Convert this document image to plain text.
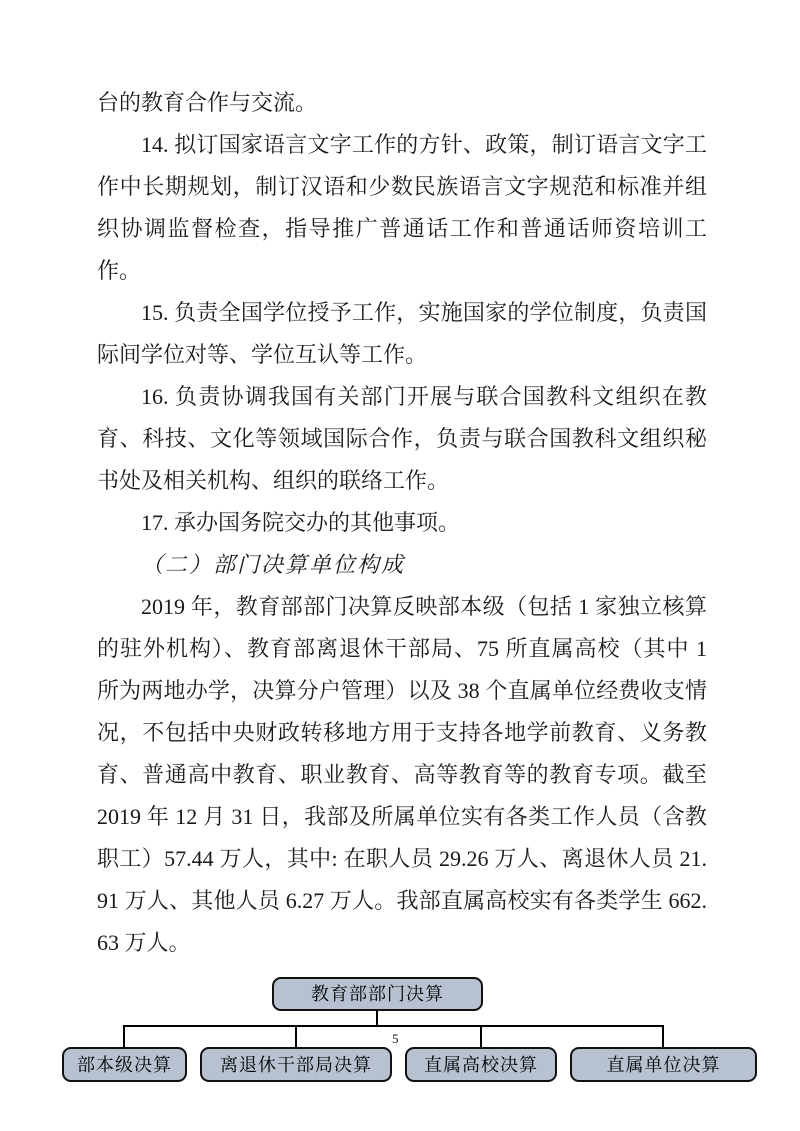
台的教育合作与交流。

14. 拟订国家语言文字工作的方针、政策，制订语言文字工作中长期规划，制订汉语和少数民族语言文字规范和标准并组织协调监督检查，指导推广普通话工作和普通话师资培训工作。

15. 负责全国学位授予工作，实施国家的学位制度，负责国际间学位对等、学位互认等工作。

16. 负责协调我国有关部门开展与联合国教科文组织在教育、科技、文化等领域国际合作，负责与联合国教科文组织秘书处及相关机构、组织的联络工作。

17. 承办国务院交办的其他事项。

（二）部门决算单位构成

2019 年，教育部部门决算反映部本级（包括 1 家独立核算的驻外机构）、教育部离退休干部局、75 所直属高校（其中 1 所为两地办学，决算分户管理）以及 38 个直属单位经费收支情况，不包括中央财政转移地方用于支持各地学前教育、义务教育、普通高中教育、职业教育、高等教育等的教育专项。截至 2019 年 12 月 31 日，我部及所属单位实有各类工作人员（含教职工）57.44 万人，其中: 在职人员 29.26 万人、离退休人员 21.91 万人、其他人员 6.27 万人。我部直属高校实有各类学生 662.63 万人。

5
教育部部门决算
部本级决算	离退休干部局决算	直属高校决算	直属单位决算
